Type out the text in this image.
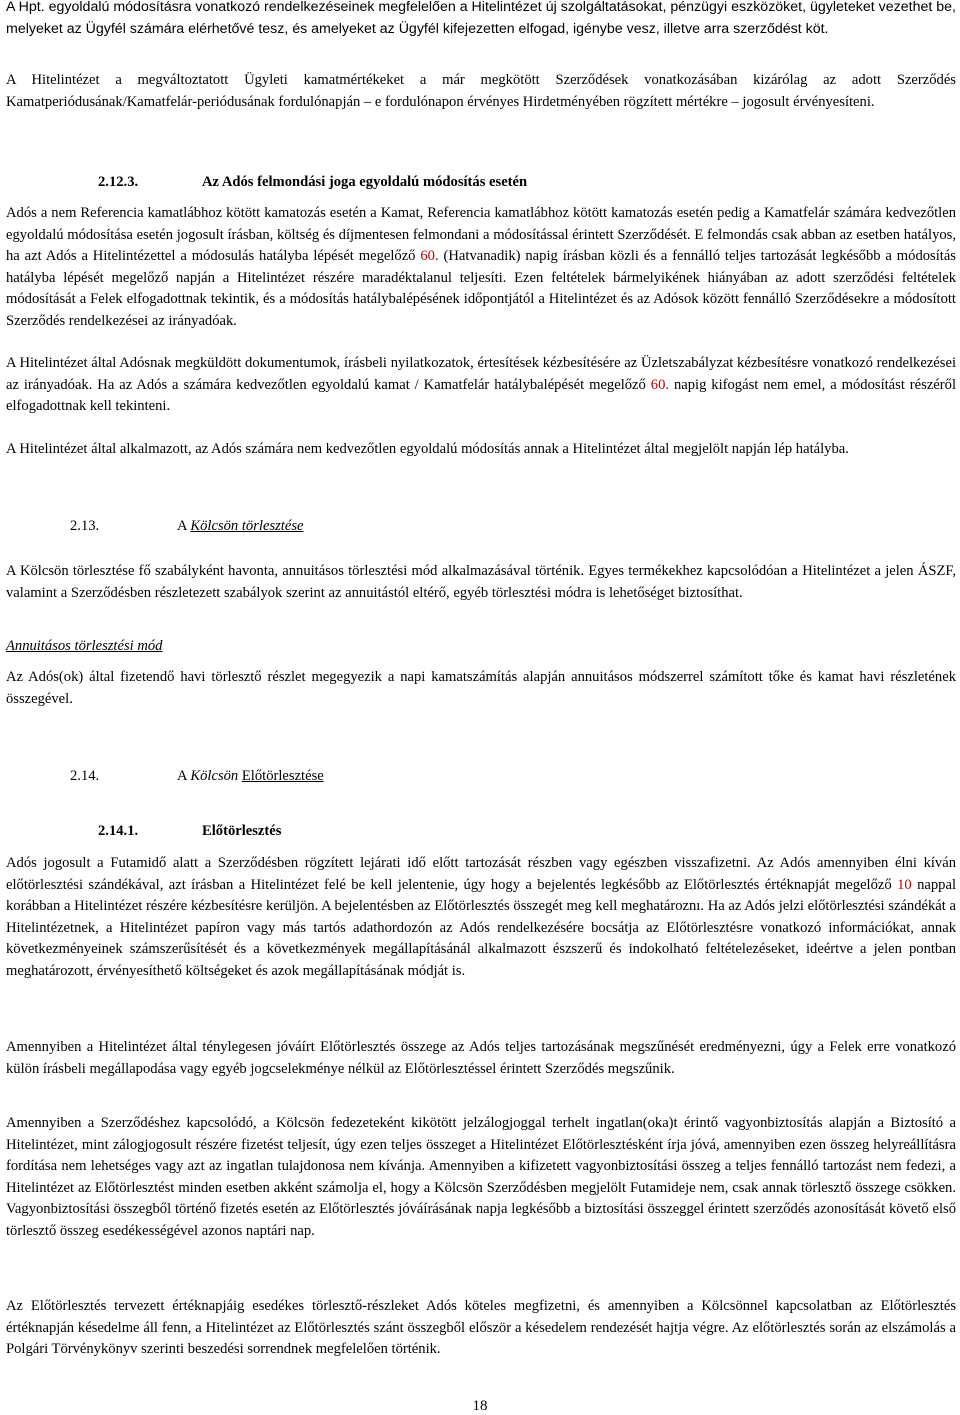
A Hpt. egyoldalú módosításra vonatkozó rendelkezéseinek megfelelően a Hitelintézet új szolgáltatásokat, pénzügyi eszközöket, ügyleteket vezethet be, melyeket az Ügyfél számára elérhetővé tesz, és amelyeket az Ügyfél kifejezetten elfogad, igénybe vesz, illetve arra szerződést köt.

A Hitelintézet a megváltoztatott Ügyleti kamatmértékeket a már megkötött Szerződések vonatkozásában kizárólag az adott Szerződés Kamatperiódusának/Kamatfelár-periódusának fordulónapján – e fordulónapon érvényes Hirdetményében rögzített mértékre – jogosult érvényesíteni.

2.12.3.	Az Adós felmondási joga egyoldalú módosítás esetén

Adós a nem Referencia kamatlábhoz kötött kamatozás esetén a Kamat, Referencia kamatlábhoz kötött kamatozás esetén pedig a Kamatfelár számára kedvezőtlen egyoldalú módosítása esetén jogosult írásban, költség és díjmentesen felmondani a módosítással érintett Szerződését. E felmondás csak abban az esetben hatályos, ha azt Adós a Hitelintézettel a módosulás hatályba lépését megelőző 60. (Hatvanadik) napig írásban közli és a fennálló teljes tartozását legkésőbb a módosítás hatályba lépését megelőző napján a Hitelintézet részére maradéktalanul teljesíti. Ezen feltételek bármelyikének hiányában az adott szerződési feltételek módosítását a Felek elfogadottnak tekintik, és a módosítás hatálybalépésének időpontjától a Hitelintézet és az Adósok között fennálló Szerződésekre a módosított Szerződés rendelkezései az irányadóak.

A Hitelintézet által Adósnak megküldött dokumentumok, írásbeli nyilatkozatok, értesítések kézbesítésére az Üzletszabályzat kézbesítésre vonatkozó rendelkezései az irányadóak. Ha az Adós a számára kedvezőtlen egyoldalú kamat / Kamatfelár hatálybalépését megelőző 60. napig kifogást nem emel, a módosítást részéről elfogadottnak kell tekinteni.

A Hitelintézet által alkalmazott, az Adós számára nem kedvezőtlen egyoldalú módosítás annak a Hitelintézet által megjelölt napján lép hatályba.

2.13.	A Kölcsön törlesztése

A Kölcsön törlesztése fő szabályként havonta, annuitásos törlesztési mód alkalmazásával történik. Egyes termékekhez kapcsolódóan a Hitelintézet a jelen ÁSZF, valamint a Szerződésben részletezett szabályok szerint az annuitástól eltérő, egyéb törlesztési módra is lehetőséget biztosíthat.

Annuitásos törlesztési mód

Az Adós(ok) által fizetendő havi törlesztő részlet megegyezik a napi kamatszámítás alapján annuitásos módszerrel számított tőke és kamat havi részletének összegével.

2.14.	A Kölcsön Előtörlesztése
2.14.1.	Előtörlesztés

Adós jogosult a Futamidő alatt a Szerződésben rögzített lejárati idő előtt tartozását részben vagy egészben visszafizetni. Az Adós amennyiben élni kíván előtörlesztési szándékával, azt írásban a Hitelintézet felé be kell jelentenie, úgy hogy a bejelentés legkésőbb az Előtörlesztés értéknapját megelőző 10 nappal korábban a Hitelintézet részére kézbesítésre kerüljön. A bejelentésben az Előtörlesztés összegét meg kell meghatároznı. Ha az Adós jelzi előtörlesztési szándékát a Hitelintézetnek, a Hitelintézet papíron vagy más tartós adathordozón az Adós rendelkezésére bocsátja az Előtörlesztésre vonatkozó információkat, annak következményeinek számszerűsítését és a következmények megállapításánál alkalmazott észszerű és indokolható feltételezéseket, ideértve a jelen pontban meghatározott, érvényesíthető költségeket és azok megállapításának módját is.

Amennyiben a Hitelintézet által ténylegesen jóváírt Előtörlesztés összege az Adós teljes tartozásának megszűnését eredményezni, úgy a Felek erre vonatkozó külön írásbeli megállapodása vagy egyéb jogcselekménye nélkül az Előtörlesztéssel érintett Szerződés megszűnik.

Amennyiben a Szerződéshez kapcsolódó, a Kölcsön fedezeteként kikötött jelzálogjoggal terhelt ingatlan(oka)t érintő vagyonbiztosítás alapján a Biztosító a Hitelintézet, mint zálogjogosult részére fizetést teljesít, úgy ezen teljes összeget a Hitelintézet Előtörlesztésként írja jóvá, amennyiben ezen összeg helyreállításra fordítása nem lehetséges vagy azt az ingatlan tulajdonosa nem kívánja. Amennyiben a kifizetett vagyonbiztosítási összeg a teljes fennálló tartozást nem fedezi, a Hitelintézet az Előtörlesztést minden esetben akként számolja el, hogy a Kölcsön Szerződésben megjelölt Futamideje nem, csak annak törlesztő összege csökken. Vagyonbiztosítási összegből történő fizetés esetén az Előtörlesztés jóváírásának napja legkésőbb a biztosítási összeggel érintett szerződés azonosítását követő első törlesztő összeg esedékességével azonos naptári nap.

Az Előtörlesztés tervezett értéknapjáig esedékes törlesztő-részleket Adós köteles megfizetni, és amennyiben a Kölcsönnel kapcsolatban az Előtörlesztés értéknapján késedelme áll fenn, a Hitelintézet az Előtörlesztés szánt összegből először a késedelem rendezését hajtja végre. Az előtörlesztés során az elszámolás a Polgári Törvénykönyv szerinti beszedési sorrendnek megfelelően történik.

18
